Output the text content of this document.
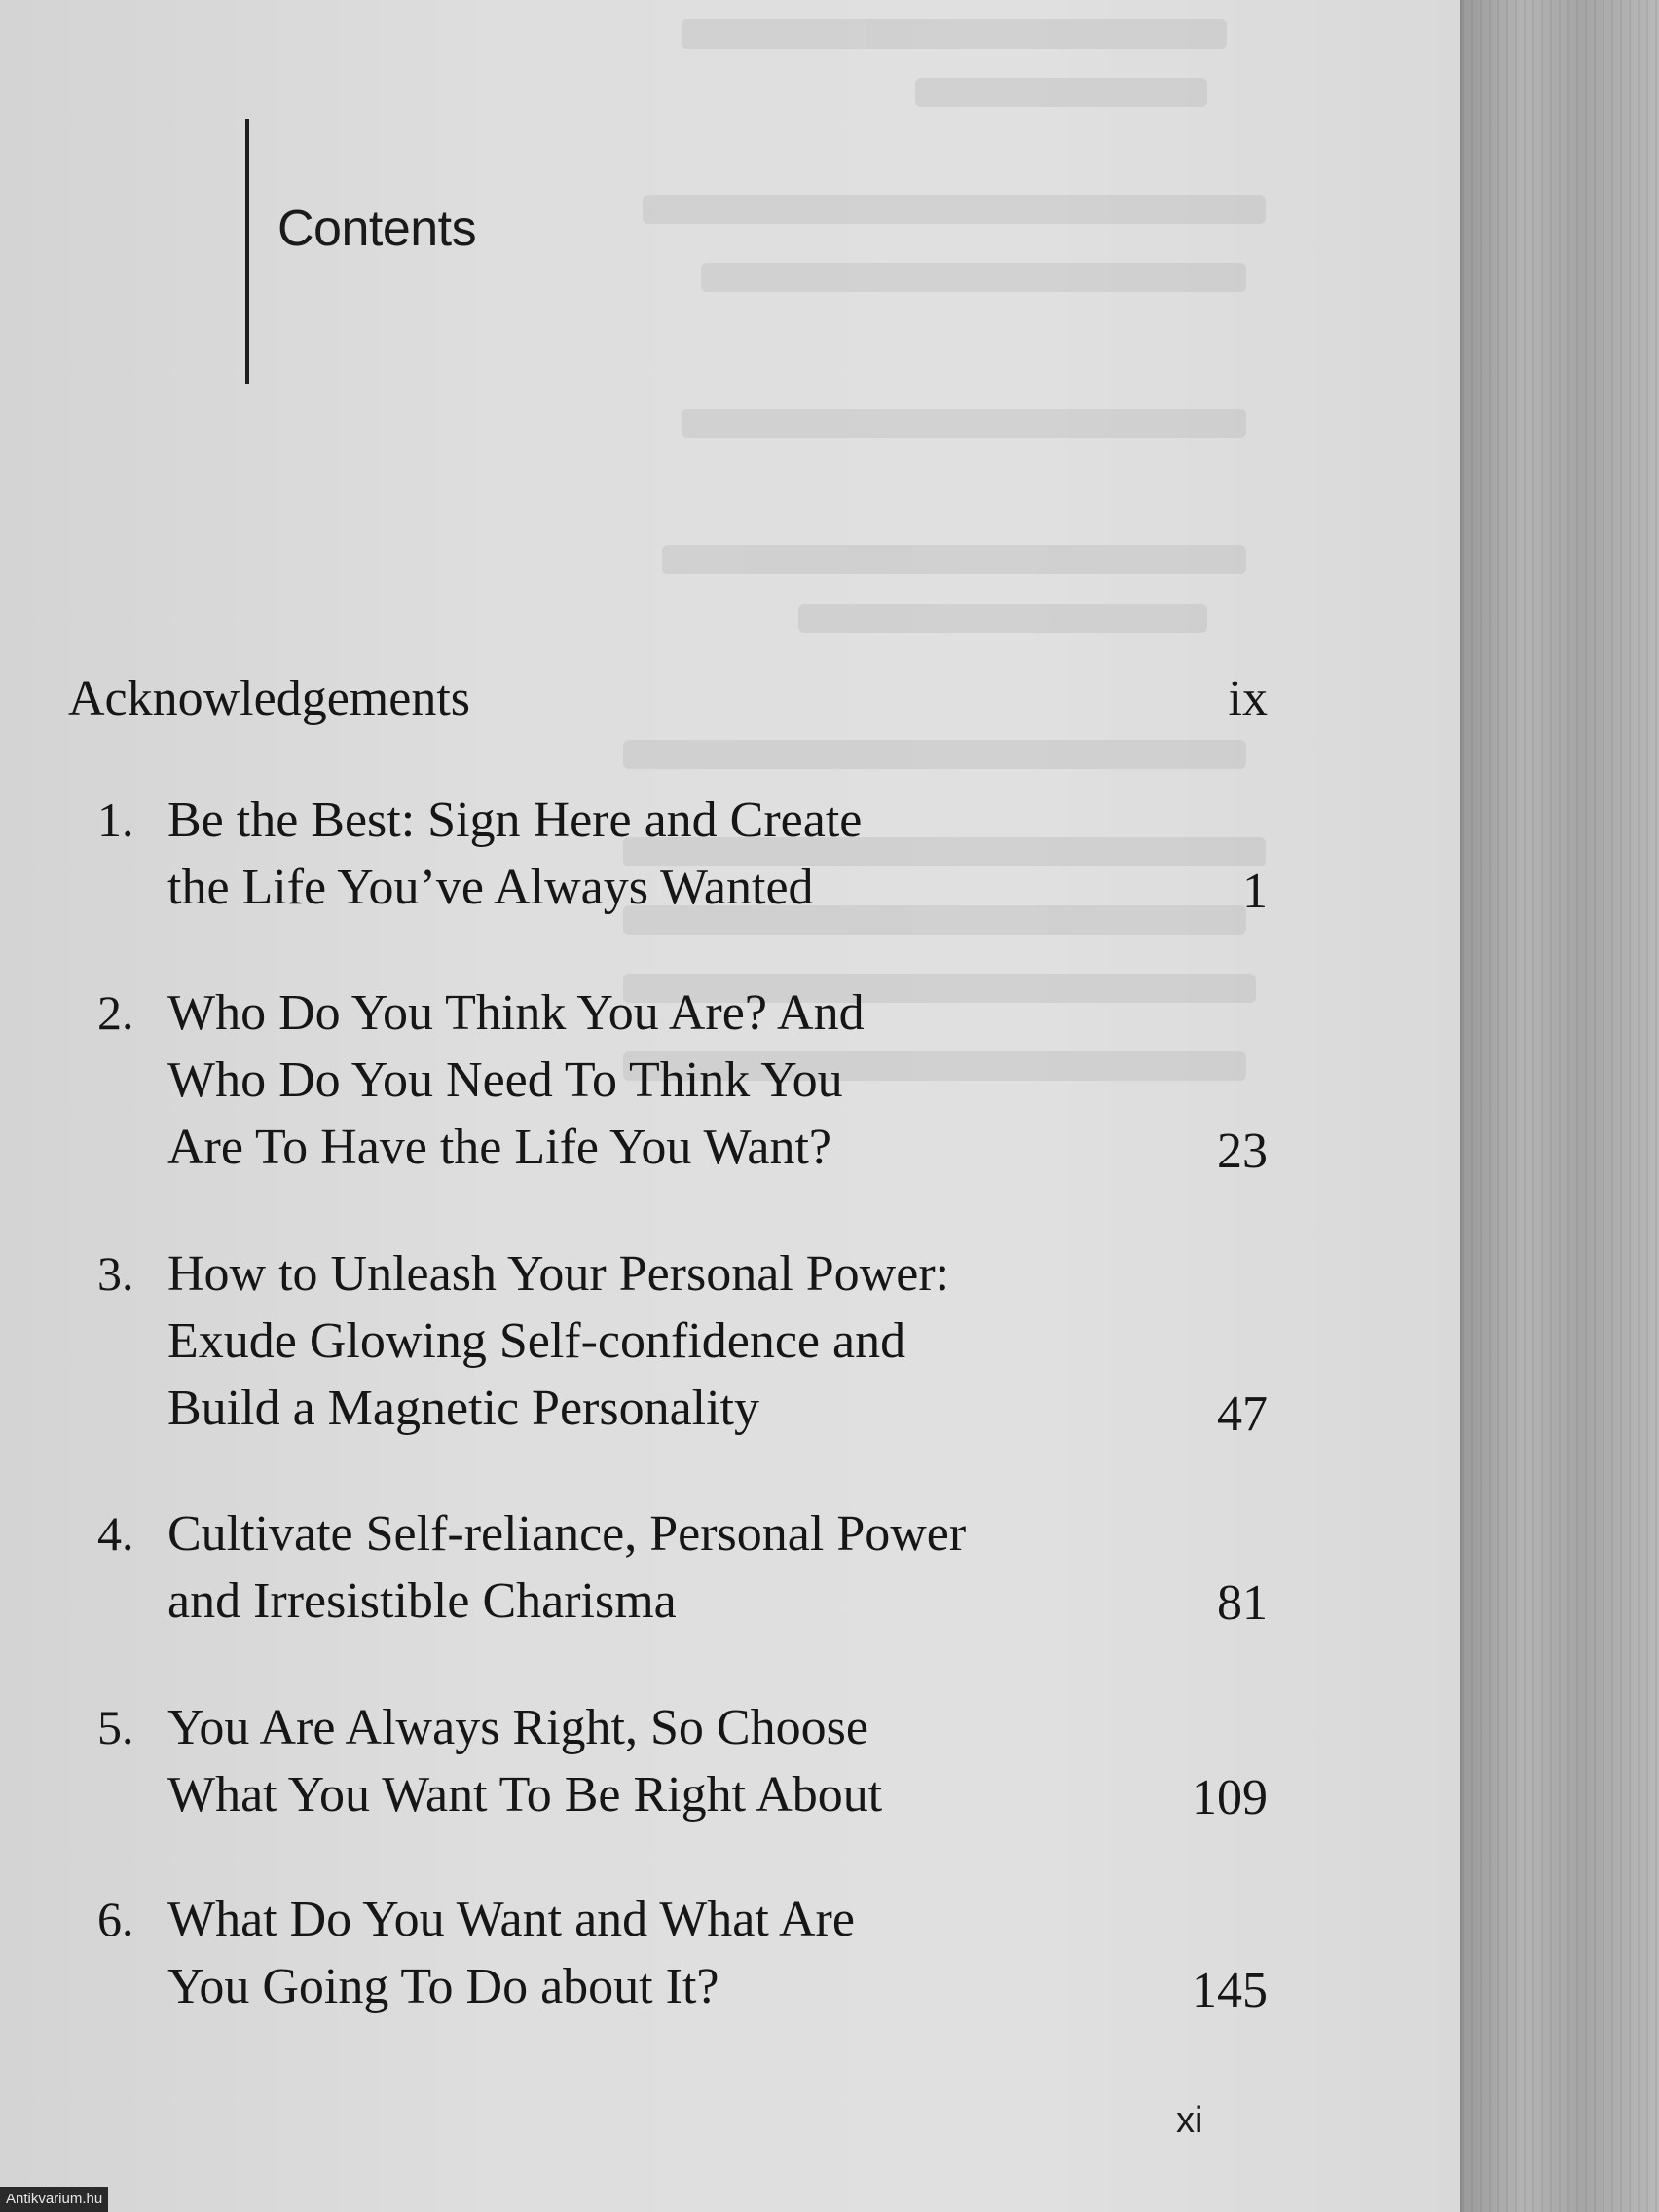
Contents
Acknowledgements	ix
1. Be the Best: Sign Here and Create
the Life You’ve Always Wanted	1
2. Who Do You Think You Are? And
Who Do You Need To Think You
Are To Have the Life You Want?	23
3. How to Unleash Your Personal Power:
Exude Glowing Self-confidence and
Build a Magnetic Personality	47
4. Cultivate Self-reliance, Personal Power
and Irresistible Charisma	81
5. You Are Always Right, So Choose
What You Want To Be Right About	109
6. What Do You Want and What Are
You Going To Do about It?	145
xi
Antikvarium.hu
